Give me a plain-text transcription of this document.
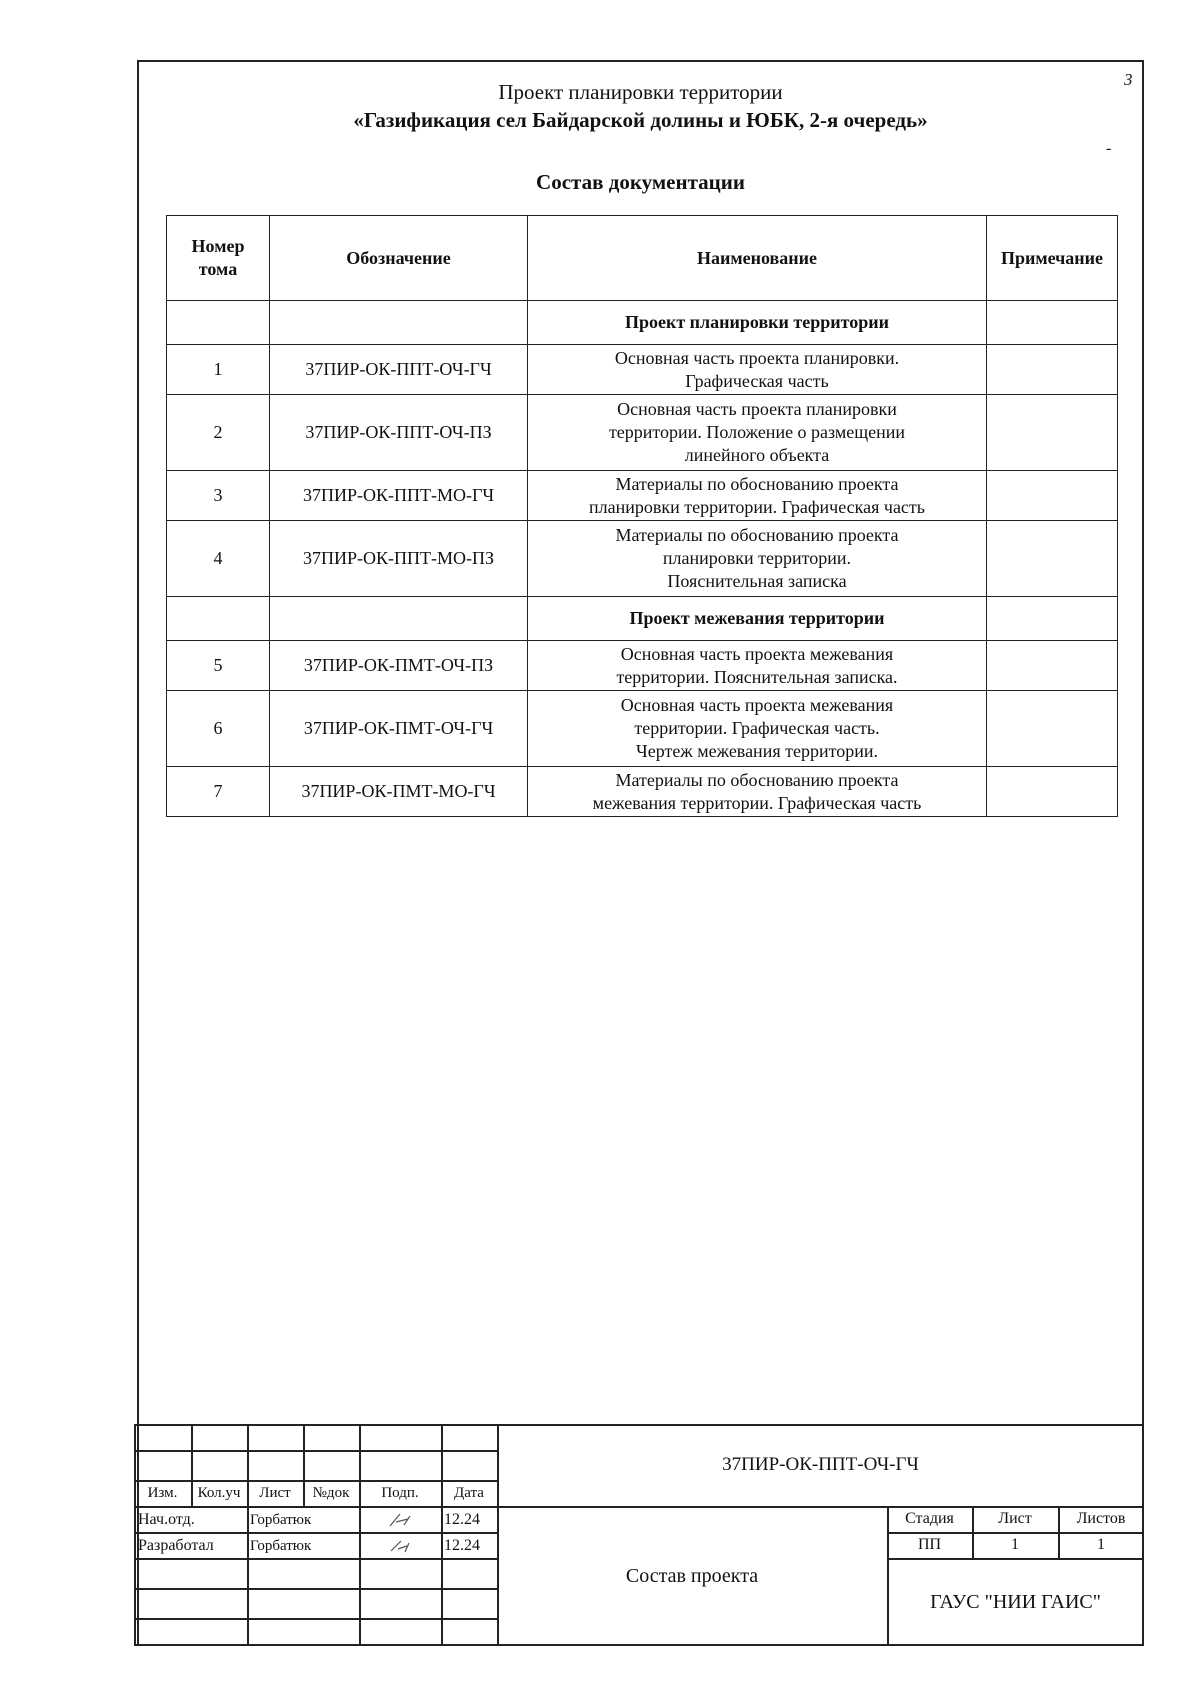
3
-
Проект планировки территории
«Газификация сел Байдарской долины и ЮБК, 2-я очередь»
Состав документации
Номер тома	Обозначение	Наименование	Примечание
		Проект планировки территории	
1	37ПИР-ОК-ППТ-ОЧ-ГЧ	Основная часть проекта планировки.
Графическая часть	

2	37ПИР-ОК-ППТ-ОЧ-ПЗ	Основная часть проекта планировки
территории. Положение о размещении
линейного объекта	

3	37ПИР-ОК-ППТ-МО-ГЧ	Материалы по обоснованию проекта
планировки территории. Графическая часть	

4	37ПИР-ОК-ППТ-МО-ПЗ	Материалы по обоснованию проекта
планировки территории.
Пояснительная записка	

		Проект межевания территории	
5	37ПИР-ОК-ПМТ-ОЧ-ПЗ	Основная часть проекта межевания
территории. Пояснительная записка.	

6	37ПИР-ОК-ПМТ-ОЧ-ГЧ	Основная часть проекта межевания
территории. Графическая часть.
Чертеж межевания территории.	

7	37ПИР-ОК-ПМТ-МО-ГЧ	Материалы по обоснованию проекта
межевания территории. Графическая часть	

Изм.	Кол.уч	Лист	№док	Подп.	Дата
Нач.отд.	Горбатюк	12.24
Разработал Горбатюк	12.24
37ПИР-ОК-ППТ-ОЧ-ГЧ
Состав проекта
Стадия	Лист	Листов
ПП	1	1
ГАУС "НИИ ГАИС"
